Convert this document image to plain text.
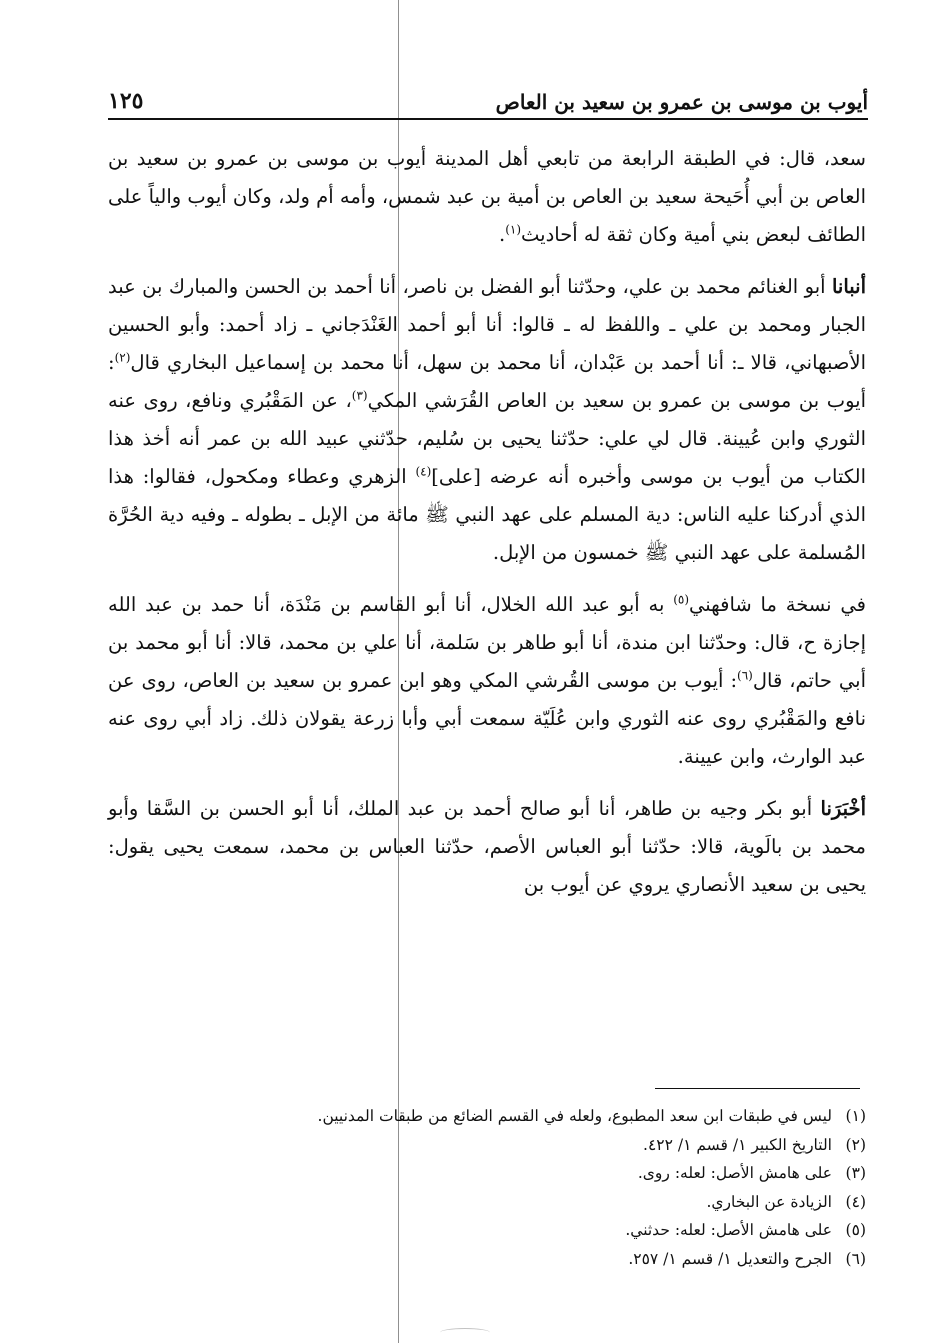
أيوب بن موسى بن عمرو بن سعيد بن العاص
١٢٥

سعد، قال: في الطبقة الرابعة من تابعي أهل المدينة أيوب بن موسى بن عمرو بن سعيد بن العاص بن أبي أُحَيحة سعيد بن العاص بن أمية بن عبد شمس، وأمه أم ولد، وكان أيوب والياً على الطائف لبعض بني أمية وكان ثقة له أحاديث$^{(١)}$.

أنبانا أبو الغنائم محمد بن علي، وحدّثنا أبو الفضل بن ناصر، أنا أحمد بن الحسن والمبارك بن عبد الجبار ومحمد بن علي ـ واللفظ له ـ قالوا: أنا أبو أحمد الغَنْدَجاني ـ زاد أحمد: وأبو الحسين الأصبهاني، قالا ـ: أنا أحمد بن عَبْدان، أنا محمد بن سهل، أنا محمد بن إسماعيل البخاري قال$^{(٢)}$: أيوب بن موسى بن عمرو بن سعيد بن العاص القُرَشي المكي$^{(٣)}$، عن المَقْبُري ونافع، روى عنه الثوري وابن عُيينة. قال لي علي: حدّثنا يحيى بن سُليم، حدّثني عبيد الله بن عمر أنه أخذ هذا الكتاب من أيوب بن موسى وأخبره أنه عرضه [على]$^{(٤)}$ الزهري وعطاء ومكحول، فقالوا: هذا الذي أدركنا عليه الناس: دية المسلم على عهد النبي ﷺ مائة من الإبل ـ بطوله ـ وفيه دية الحُرَّة المُسلمة على عهد النبي ﷺ خمسون من الإبل.

في نسخة ما شافهني$^{(٥)}$ به أبو عبد الله الخلال، أنا أبو القاسم بن مَنْدَة، أنا حمد بن عبد الله إجازة ح، قال: وحدّثنا ابن مندة، أنا أبو طاهر بن سَلمة، أنا علي بن محمد، قالا: أنا أبو محمد بن أبي حاتم، قال$^{(٦)}$: أيوب بن موسى القُرشي المكي وهو ابن عمرو بن سعيد بن العاص، روى عن نافع والمَقْبُري روى عنه الثوري وابن عُلَيّة سمعت أبي وأبا زرعة يقولان ذلك. زاد أبي روى عنه عبد الوارث، وابن عيينة.

أخْبَرَنا أبو بكر وجيه بن طاهر، أنا أبو صالح أحمد بن عبد الملك، أنا أبو الحسن بن السَّقا وأبو محمد بن بالَوية، قالا: حدّثنا أبو العباس الأصم، حدّثنا العباس بن محمد، سمعت يحيى يقول: يحيى بن سعيد الأنصاري يروي عن أيوب بن

(١)
ليس في طبقات ابن سعد المطبوع، ولعله في القسم الضائع من طبقات المدنيين.
(٢)
التاريخ الكبير ١/ قسم ١/ ٤٢٢.
(٣)
على هامش الأصل: لعله: روى.
(٤)
الزيادة عن البخاري.
(٥)
على هامش الأصل: لعله: حدثني.
(٦)
الجرح والتعديل ١/ قسم ١/ ٢٥٧.
